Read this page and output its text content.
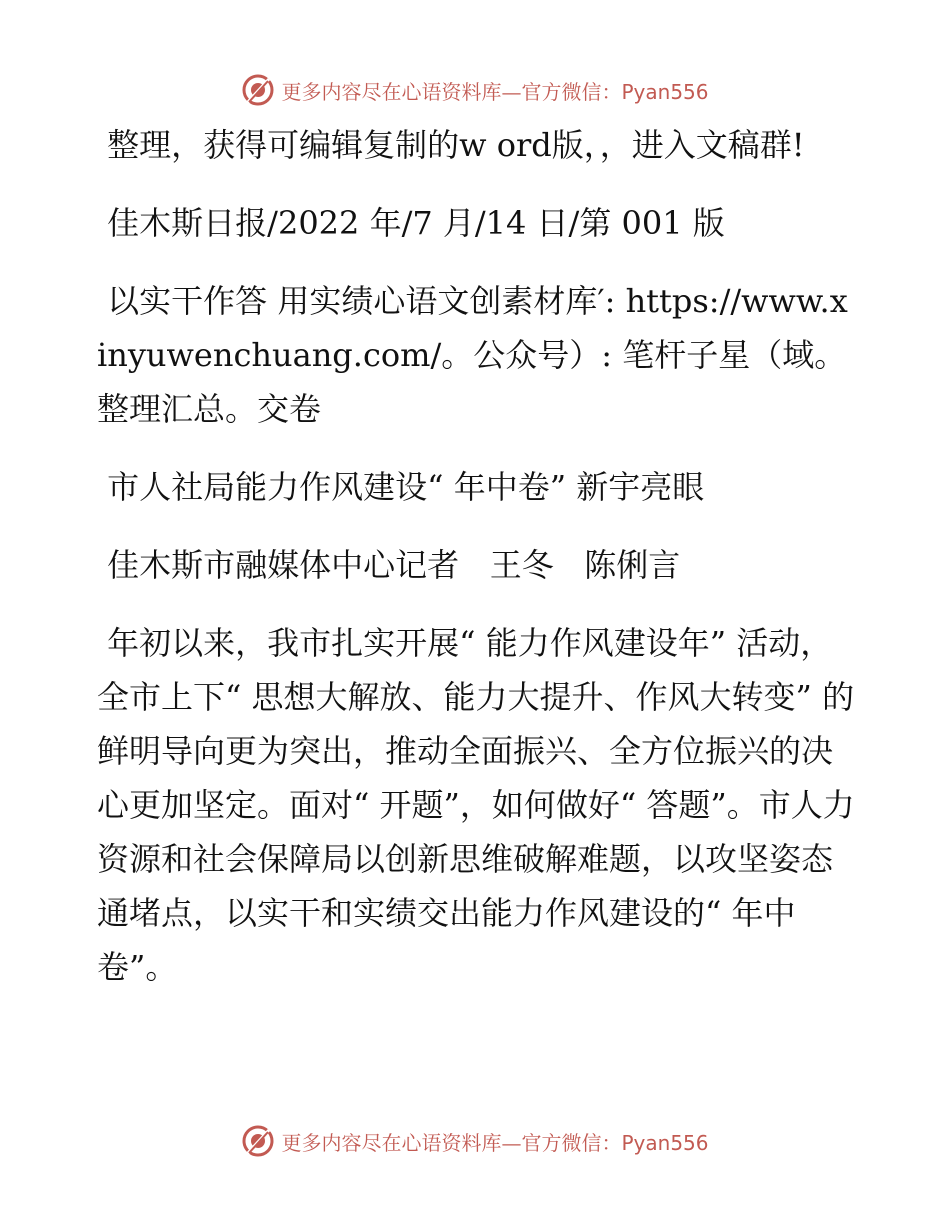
更多内容尽在心语资料库—官方微信：Pyan556

整理，获得可编辑复制的w ord版，，进入文稿群!

佳木斯日报/2022 年/7 月/14 日/第 001 版

以实干作答 用实绩心语文创素材库′: https://www.xinyuwenchuang.com/。公众号）: 笔杆子星（域。整理汇总。交卷

市人社局能力作风建设“ 年中卷” 新宇亮眼

佳木斯市融媒体中心记者   王冬   陈俐言

年初以来，我市扎实开展“ 能力作风建设年” 活动，全市上下“ 思想大解放、能力大提升、作风大转变” 的鲜明导向更为突出，推动全面振兴、全方位振兴的决心更加坚定。面对“ 开题”，如何做好“ 答题”。市人力资源和社会保障局以创新思维破解难题，以攻坚姿态通堵点，以实干和实绩交出能力作风建设的“ 年中卷”。

更多内容尽在心语资料库—官方微信：Pyan556
